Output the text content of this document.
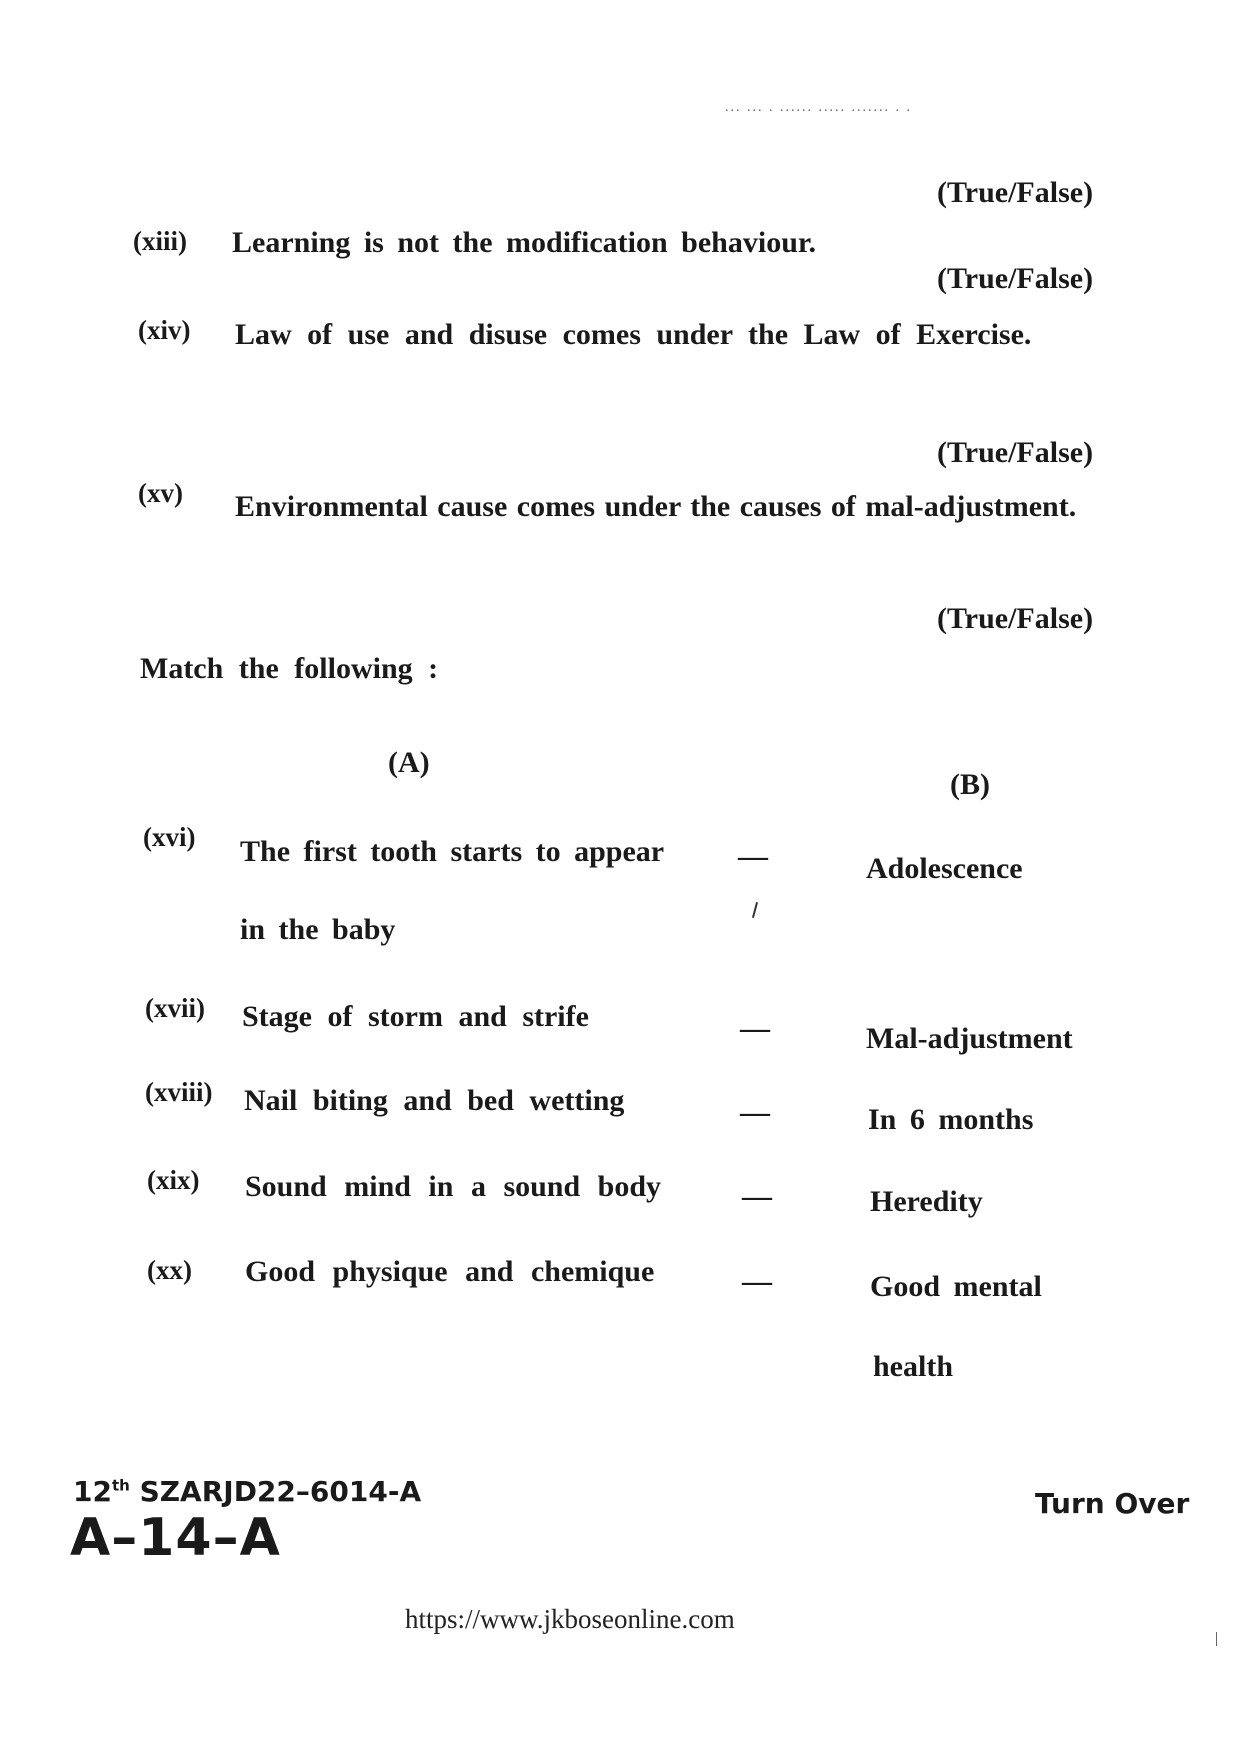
... ... . ...... ..... ....... . .
(True/False)
(xiii) Learning is not the modification behaviour.
(True/False)
(xiv) Law of use and disuse comes under the Law of Exercise.
(True/False)
(xv) Environmental cause comes under the causes of mal-adjustment.
(True/False)
Match the following :
(A)
(B)
(xvi) The first tooth starts to appear
in the baby
—	Adolescence
(xvii) Stage of storm and strife	—	Mal-adjustment
(xviii) Nail biting and bed wetting	—	In 6 months
(xix) Sound mind in a sound body	—	Heredity
(xx) Good physique and chemique	—	Good mental
health
12th SZARJD22–6014-A
A–14–A
Turn Over
https://www.jkboseonline.com
